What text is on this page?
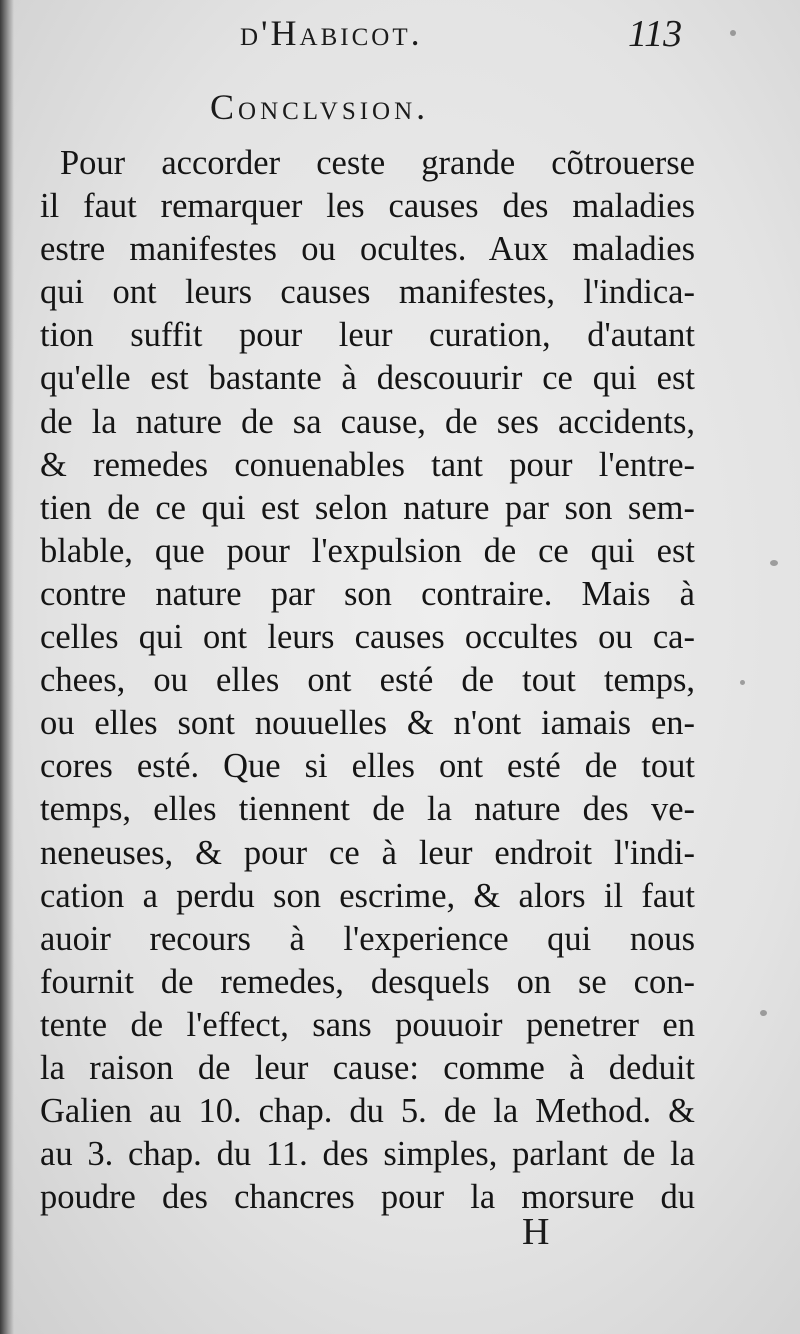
d'Habicot.	113
Conclvsion.
Pour accorder ceste grande cõtrouerse
il faut remarquer les causes des maladies
estre manifestes ou ocultes. Aux maladies
qui ont leurs causes manifestes, l'indica-
tion suffit pour leur curation, d'autant
qu'elle est bastante à descouurir ce qui est
de la nature de sa cause, de ses accidents,
& remedes conuenables tant pour l'entre-
tien de ce qui est selon nature par son sem-
blable, que pour l'expulsion de ce qui est
contre nature par son contraire. Mais à
celles qui ont leurs causes occultes ou ca-
chees, ou elles ont esté de tout temps,
ou elles sont nouuelles & n'ont iamais en-
cores esté. Que si elles ont esté de tout
temps, elles tiennent de la nature des ve-
neneuses, & pour ce à leur endroit l'indi-
cation a perdu son escrime, & alors il faut
auoir recours à l'experience qui nous
fournit de remedes, desquels on se con-
tente de l'effect, sans pouuoir penetrer en
la raison de leur cause: comme à deduit
Galien au 10. chap. du 5. de la Method. &
au 3. chap. du 11. des simples, parlant de la
poudre des chancres pour la morsure du
H
